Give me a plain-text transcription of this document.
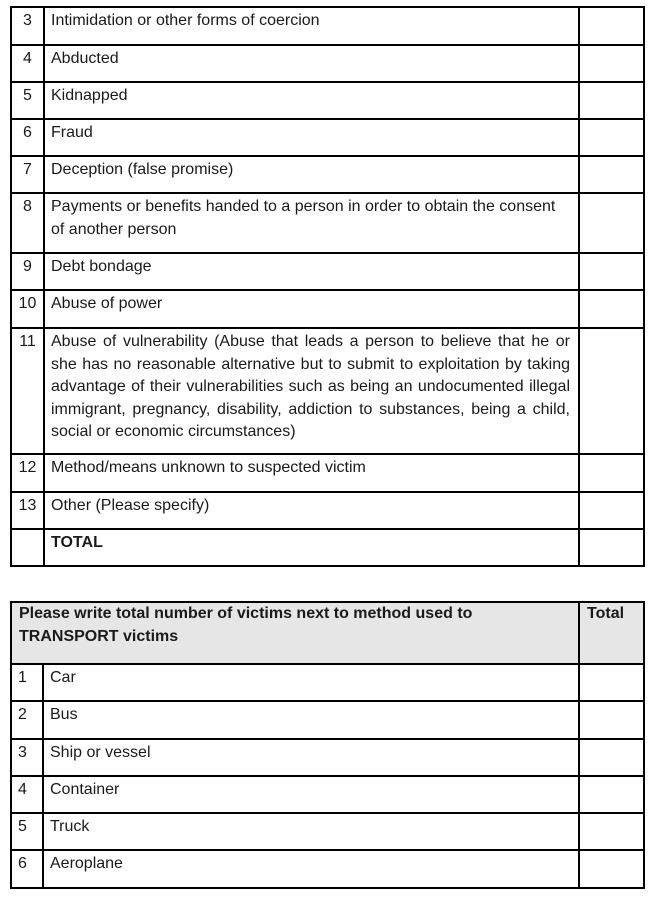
3	Intimidation or other forms of coercion	
4	Abducted	
5	Kidnapped	
6	Fraud	
7	Deception (false promise)	
8	Payments or benefits handed to a person in order to obtain the consent of another person	
9	Debt bondage	
10	Abuse of power	
11	Abuse of vulnerability (Abuse that leads a person to believe that he or she has no reasonable alternative but to submit to exploitation by taking advantage of their vulnerabilities such as being an undocumented illegal immigrant, pregnancy, disability, addiction to substances, being a child, social or economic circumstances)	
12	Method/means unknown to suspected victim	
13	Other (Please specify)	
	TOTAL	
Please write total number of victims next to method used to TRANSPORT victims		Total
1	Car	
2	Bus	
3	Ship or vessel	
4	Container	
5	Truck	
6	Aeroplane	
